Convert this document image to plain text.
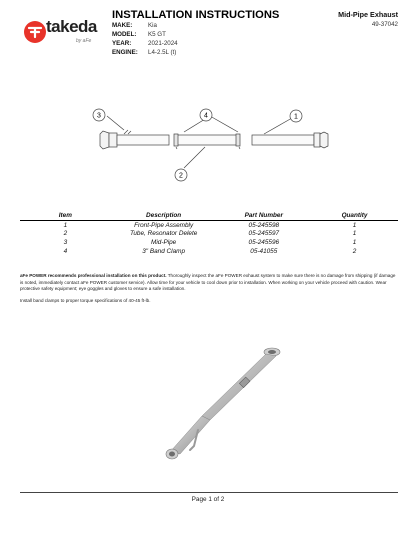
takeda
by aFe
INSTALLATION INSTRUCTIONS	Mid-Pipe Exhaust
49-37042
MAKE:	Kia
MODEL: K5 GT
YEAR:	2021-2024
ENGINE: L4-2.5L (t)
3	4
2
1
Item	Description	Part Number	Quantity
1	Front-Pipe Assembly	05-245598	1
2	Tube, Resonator Delete	05-245597	1
3	Mid-Pipe	05-245596	1
4	3" Band Clamp	05-41055	2
aFe POWER recommends professional installation on this product. Thoroughly inspect the aFe POWER exhaust system to make sure there is no damage from shipping (if damage is noted, immediately contact aFe POWER customer service). Allow time for your vehicle to cool down prior to installation. When working on your vehicle proceed with caution. Wear protective safety equipment; eye goggles and gloves to ensure a safe installation.
Install band clamps to proper torque specifications of 40-45 ft-lb.
Page 1 of 2
